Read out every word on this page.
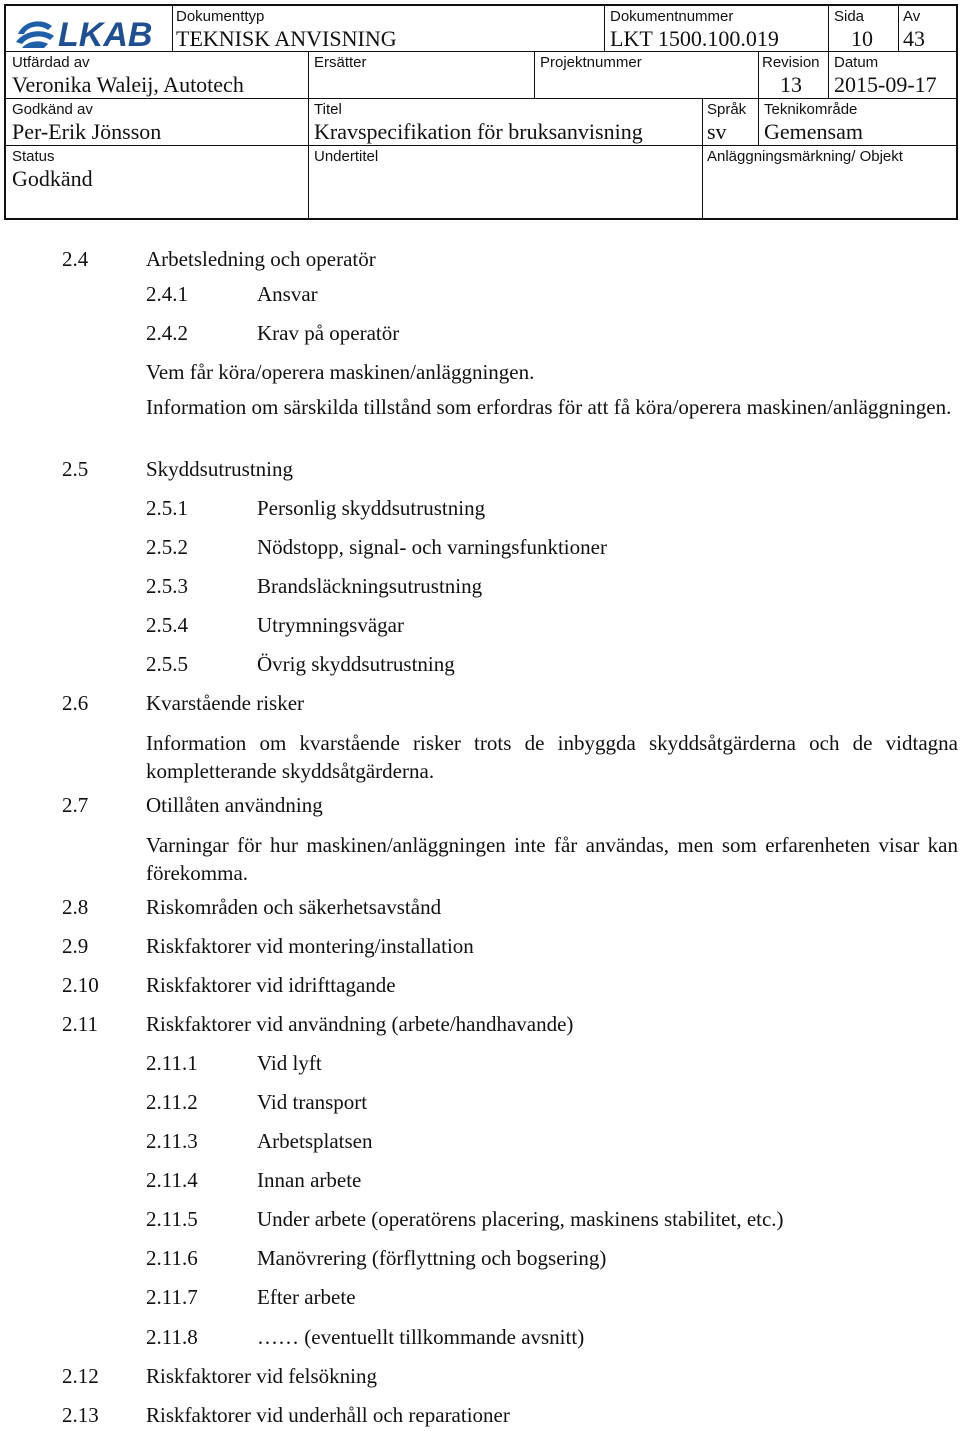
LKAB Dokumenttyp
TEKNISK ANVISNING
Dokumentnummer
LKT 1500.100.019
Sida
10
Av
43
Utfärdad av
Veronika Waleij, Autotech
Ersätter	Projektnummer	Revision
13
Datum
2015-09-17
Godkänd av
Per-Erik Jönsson
Titel
Kravspecifikation för bruksanvisning
Språk
sv
Teknikområde
Gemensam
Status
Godkänd
Undertitel	Anläggningsmärkning/ Objekt
2.4	Arbetsledning och operatör
2.4.1	Ansvar
2.4.2	Krav på operatör
Vem får köra/operera maskinen/anläggningen.
Information om särskilda tillstånd som erfordras för att få köra/operera maskinen/anläggningen.
2.5	Skyddsutrustning
2.5.1	Personlig skyddsutrustning
2.5.2	Nödstopp, signal- och varningsfunktioner
2.5.3	Brandsläckningsutrustning
2.5.4	Utrymningsvägar
2.5.5	Övrig skyddsutrustning
2.6	Kvarstående risker
Information om kvarstående risker trots de inbyggda skyddsåtgärderna och de vidtagna kompletterande skyddsåtgärderna.
2.7	Otillåten användning
Varningar för hur maskinen/anläggningen inte får användas, men som erfarenheten visar kan förekomma.
2.8	Riskområden och säkerhetsavstånd
2.9	Riskfaktorer vid montering/installation
2.10 Riskfaktorer vid idrifttagande
2.11 Riskfaktorer vid användning (arbete/handhavande)
2.11.1	Vid lyft
2.11.2	Vid transport
2.11.3	Arbetsplatsen
2.11.4	Innan arbete
2.11.5	Under arbete (operatörens placering, maskinens stabilitet, etc.)
2.11.6	Manövrering (förflyttning och bogsering)
2.11.7	Efter arbete
2.11.8	…… (eventuellt tillkommande avsnitt)
2.12 Riskfaktorer vid felsökning
2.13 Riskfaktorer vid underhåll och reparationer
